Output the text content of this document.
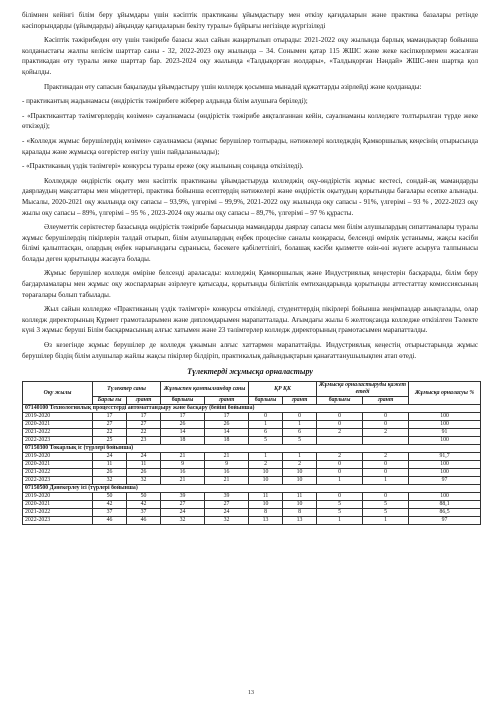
білімнен кейінгі білім беру ұйымдары үшін кәсіптік практиканы ұйымдастыру мен өткізу қағидаларын және практика базалары ретінде кәсіпорындарды (ұйымдарды) айқындау қағидаларын бекіту туралы» бұйрығы негізінде жүргізіледі

Кәсіптік тәжірибеден өту үшін тәжірибе базасы жыл сайын жаңартылып отырады: 2021-2022 оқу жылында барлық мамандықтар бойынша колданыстағы жалпы келісім шарттар саны - 32, 2022-2023 оқу жылында – 34. Сонымен қатар 115 ЖШС және жеке кәсіпкерлермен жасалған практикадан өту туралы жеке шарттар бар. 2023-2024 оқу жылында «Талдықорған жолдары», «Талдықорған Нәндай» ЖШС-мен шартқа қол қойылды.

Практикадан өту сапасын бақылауды ұйымдастыру үшін колледж қосымша мынадай құжаттарды әзірлейді және қолданады:

- практикантың жадынамасы (өндірістік тәжірибеге жіберер алдында білім алушыға беріледі);

- «Практиканттар тәлімгерлердің көзімен» сауалнамасы (өндірістік тәжірибе аяқталғаннан кейін, сауалнаманы колледжге толтырылған түрде жеке өткізеді);

- «Колледж жұмыс берушілердің көзімен» сауалнамасы (жұмыс берушілер толтырады, нәтижелері колледждің Қамкоршылық кеңесінің отырысында қаралады және жұмысқа өзгерістер енгізу үшін пайдаланылады);

- «Практиканың үздік тәлімгері» конкурсы туралы ереже (оқу жылының соңында өткізіледі).

Колледжде өндірістік оқыту мен кәсіптік практиканы ұйымдастыруда колледжің оқу-өндірістік жұмыс кестесі, сондай-ақ мамандарды даярлаудың мақсаттары мен міндеттері, практика бойынша есептердің нәтижелері және өндірістік оқытудың қорытынды бағалары есепке алынады. Мысалы, 2020-2021 оқу жылында оқу сапасы – 93,9%, үлгерімі – 99,9%, 2021-2022 оқу жылында оқу сапасы - 91%, үлгерімі – 93 % , 2022-2023 оқу жылы оқу сапасы – 89%, үлгерімі – 95 % , 2023-2024 оқу жылы оқу сапасы – 89,7%, үлгерімі – 97 % құрасты.

Әлеуметтік серіктестер базасында өндірістік тәжірибе барысында мамандарды даярлау сапасы мен білім алушылардың сипаттамалары туралы жұмыс берушілердің пікірлерін талдай отырып, білім алушылардың еңбек процесіне саналы көзқарасы, белсенді өмірлік ұстанымы, жақсы кәсіби білімі қалыптасқан, олардың еңбек нарығындағы сұранысы, бәсекеге қабілеттілігі, болашақ кәсіби қызметте өзін-өзі жүзеге асыруға талпынысы болады деген қорытынды жасауға болады.

Жұмыс берушілер колледж өміріне белсенді араласады: колледжің Қамкоршылық және Индустриялық кеңестерін басқарады, білім беру бағдарламалары мен жұмыс оқу жоспарларын әзірлеуге қатысады, қорытынды біліктілік емтихандарында қорытынды аттестаттау комиссиясының төрағалары болып табылады.

Жыл сайын колледже «Практиканың үздік тәлімгері» конкурсы өткізіледі, студенттердің пікірлері бойынша жеңімпаздар анықталады, олар колледж директорының Құрмет грамоталарымен және дипломдарымен марапатталады. Ағымдағы жылы 6 желтоқсанда колледже өткізілген Тәлекте күні 3 жұмыс беруші Білім басқармасының алғыс хатымен және 23 тәлімгерлер колледж директорының грамотасымен марапатталды.

Өз кезегінде жұмыс берушілер де колледж ұжымын алғыс хаттармен марапаттайды. Индустриялық кеңестің отырыстарында жұмыс берушілер біздің білім алушылар жайлы жақсы пікірлер білдіріп, практикалық дайындықтарын қанағаттанушылықпен атап өтеді.

Түлектерді жұмысқа орналастыру
Оқу жылы	Түлектер саны		Жұмыспен қамтылғандар саны		ҚР ҚК		Жұмысқа орналастыруды қажет етеді		Жұмысқа орналасуы %
	Барлы ғы	грант	барлығы	грант	барлығы	грант	барлығы	грант	
07140100 Технологиялық процесстерді автоматтандыру және басқару (бейіні бойынша)									
2019-2020	17	17	17	17	0	0	0	0	100
2020-2021	27	27	26	26	1	1	0	0	100
2021-2022	22	22	14	14	6	6	2	2	91
2022-2023	25	23	18	18	5	5			100
07150300 Токарлық іс (түрлері бойынша)									
2019-2020	24	24	21	21	1	1	2	2	91,7
2020-2021	11	11	9	9	2	2	0	0	100
2021-2022	26	26	16	16	10	10	0	0	100
2022-2023	32	32	21	21	10	10	1	1	97
07150500 Дәнекерлеу ісі (түрлері бойынша)									
2019-2020	50	50	39	39	11	11	0	0	100
2020-2021	42	42	27	27	10	10	5	5	88,1
2021-2022	37	37	24	24	8	8	5	5	86,5
2022-2023	46	46	32	32	13	13	1	1	97
13
